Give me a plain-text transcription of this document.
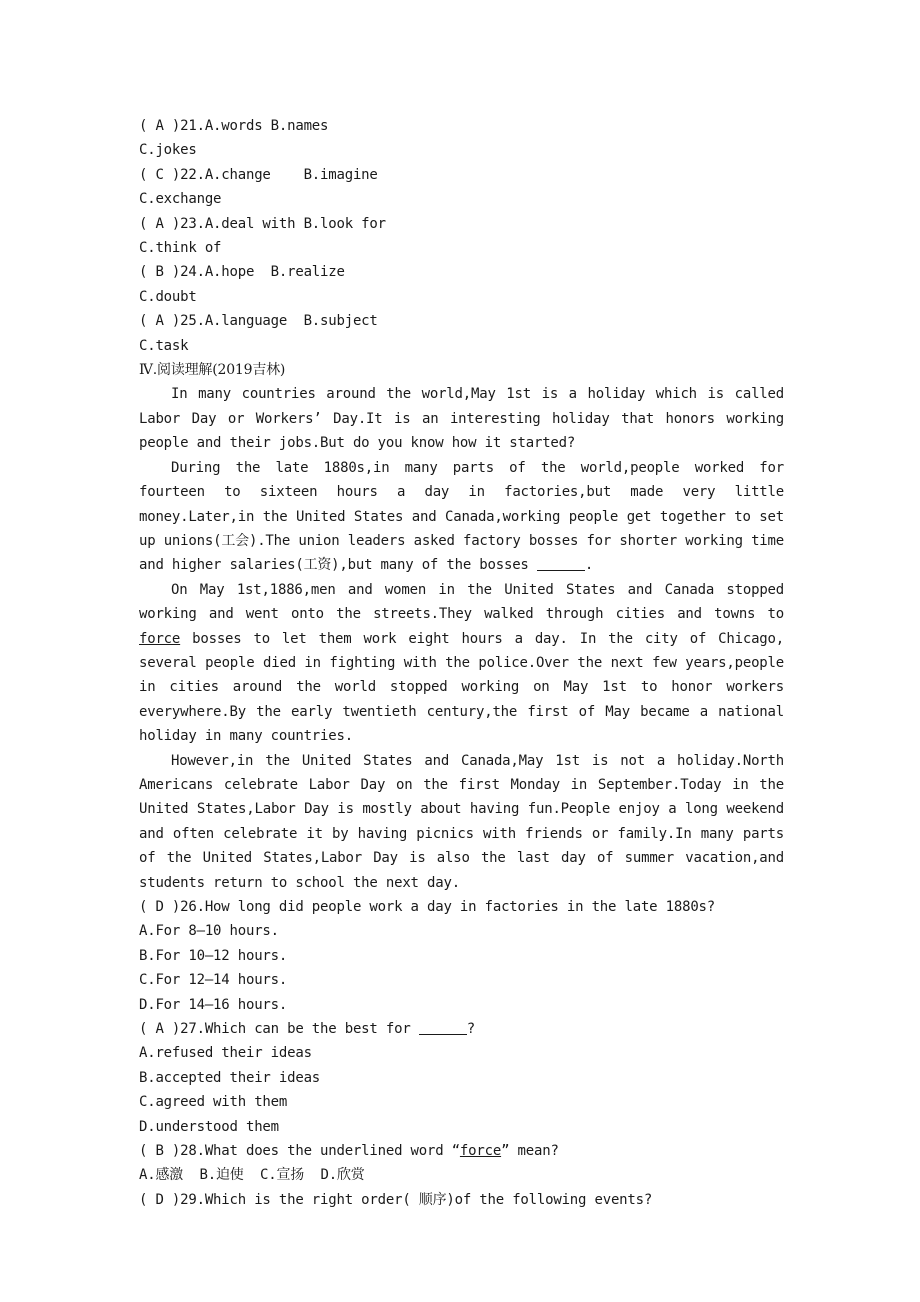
( A )21.A.words B.names
C.jokes
( C )22.A.change    B.imagine
C.exchange
( A )23.A.deal with B.look for
C.think of
( B )24.A.hope  B.realize
C.doubt
( A )25.A.language  B.subject
C.task
Ⅳ.阅读理解(2019吉林)
In many countries around the world,May 1st is a holiday which is called Labor Day or Workers’ Day.It is an interesting holiday that honors working people and their jobs.But do you know how it started?
During the late 1880s,in many parts of the world,people worked for fourteen to sixteen hours a day in factories,but made very little money.Later,in the United States and Canada,working people get together to set up unions(工会).The union leaders asked factory bosses for shorter working time and higher salaries(工资),but many of the bosses	.
On May 1st,1886,men and women in the United States and Canada stopped working and went onto the streets.They walked through cities and towns to force bosses to let them work eight hours a day. In the city of Chicago, several people died in fighting with the police.Over the next few years,people in cities around the world stopped working on May 1st to honor workers everywhere.By the early twentieth century,the first of May became a national holiday in many countries.
However,in the United States and Canada,May 1st is not a holiday.North Americans celebrate Labor Day on the first Monday in September.Today in the United States,Labor Day is mostly about having fun.People enjoy a long weekend and often celebrate it by having picnics with friends or family.In many parts of the United States,Labor Day is also the last day of summer vacation,and students return to school the next day.
( D )26.How long did people work a day in factories in the late 1880s?
A.For 8—10 hours.
B.For 10—12 hours.
C.For 12—14 hours.
D.For 14—16 hours.
( A )27.Which can be the best for	?
A.refused their ideas
B.accepted their ideas
C.agreed with them
D.understood them
( B )28.What does the underlined word “force” mean?
A.感激  B.迫使  C.宣扬  D.欣赏
( D )29.Which is the right order( 顺序)of the following events?
